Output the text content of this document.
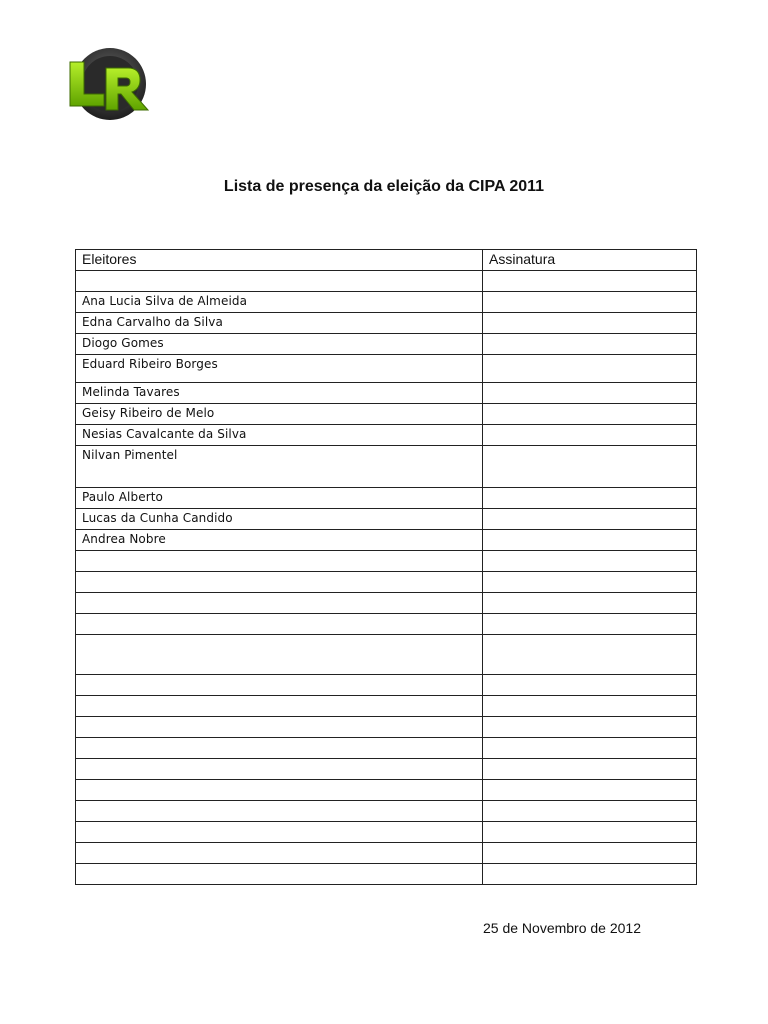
Lista de presença da eleição da CIPA 2011
Eleitores	Assinatura

Ana Lucia Silva de Almeida	
Edna Carvalho da Silva	
Diogo Gomes	
Eduard Ribeiro Borges	
Melinda Tavares	
Geisy Ribeiro de Melo	
Nesias Cavalcante da Silva	
Nilvan Pimentel	
Paulo Alberto	
Lucas da Cunha Candido	
Andrea Nobre	

25 de Novembro de 2012
